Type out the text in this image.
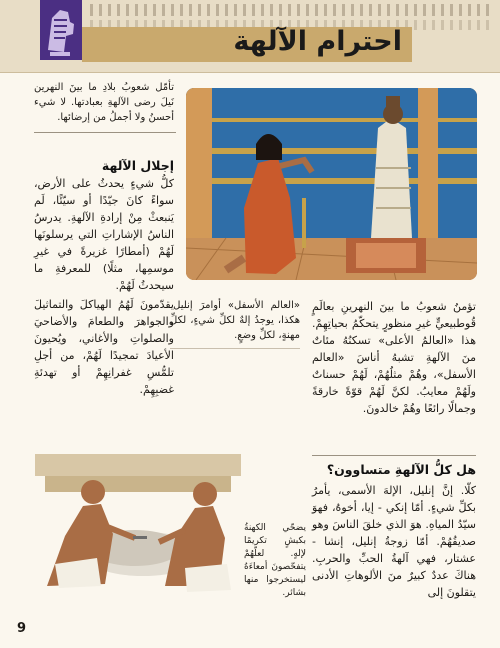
احترام الآلهة
تأمّل شعوبُ بلادِ ما بينَ النهرين نَيلَ رضى الآلهةِ بعبادتها. لا شيء أحسنُ ولا أجملُ من إرضائها.
إجلال الآلهة
كلُّ شيءٍ يحدثُ على الأرض، سواءً كانَ جيّدًا أو سيّئًا، لَم يَنبعثْ مِنْ إرادةِ الآلهةِ. يدرسُ الناسُ الإشاراتِ التي يرسلونَها لَهُمْ (أمطارًا غزيرةً في غيرِ موسمِها، مثلًا) للمعرفةِ ما سيحدثُ لَهُمْ.
يقدّمونَ لَهُمُ الهياكلَ والتماثيلَ والجواهرَ والطعامَ والأضاحيَ والصلواتِ والأغاني، ويُحيونَ الأعيادَ تمجيدًا لَهُمْ، من أجلِ تلمُّسِ غفرانِهِمْ أو تهدئةِ غضبِهِمْ.
«العالم الأسفل» أوامرَ إنليل. هكذا، يوجدُ إلهٌ لكلِّ شيءٍ، لكلِّ مهنةٍ، لكلِّ وضعٍ.
تؤمنُ شعوبُ ما بينَ النهرينِ بعالَمٍ قُوطبيعيٍّ غيرِ منظورٍ يتحكّمُ بحياتِهِمْ. هذا «العالمُ الأعلى» تسكنُهُ مئاتٌ منَ الآلهةِ تشبهُ أناسَ «العالم الأسفل»، وهُمْ مثلُهُمْ، لَهُمْ حسناتٌ ولَهُمْ معايبُ. لكنَّ لَهُمْ قوّةً خارقةً وجمالًا رائعًا وهُمْ خالدونَ.
هل كلُّ الآلهةِ متساوون؟
كلّا. إنَّ إنليل، الإلهَ الأسمى، يأمرُ بكلِّ شيءٍ. أمّا إنكي - إيا، أخوهُ، فهوَ سيّدُ المياهِ. هوَ الذي خلقَ الناسَ وهو صديقُهُمْ. أمّا زوجةُ إنليل، إنشا - عشتار، فهي آلهةُ الحبِّ والحربِ. هناكَ عددٌ كبيرٌ منَ الألوهاتِ الأدنى يتقلونَ إلى
يضحّي الكهنةُ بكبشٍ تكريمًا لإلهٍ. لعلّهُمْ يتفحّصونَ أمعاءَهُ ليستخرجوا منها بشائر.
9
